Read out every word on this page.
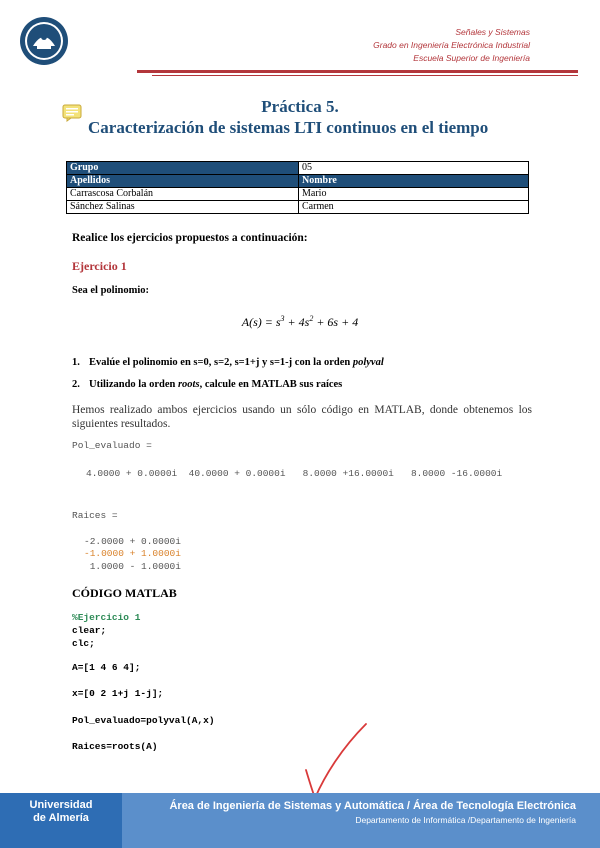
Señales y Sistemas
Grado en Ingeniería Electrónica Industrial
Escuela Superior de Ingeniería
Práctica 5.
Caracterización de sistemas LTI continuos en el tiempo
Grupo	05
Apellidos	Nombre
Carrascosa Corbalán	Mario
Sánchez Salinas	Carmen
Realice los ejercicios propuestos a continuación:
Ejercicio 1
Sea el polinomio:
$A(s) = s^3 + 4s^2 + 6s + 4$
1. Evalúe el polinomio en s=0, s=2, s=1+j y s=1-j con la orden polyval
2. Utilizando la orden roots, calcule en MATLAB sus raíces
Hemos realizado ambos ejercicios usando un sólo código en MATLAB, donde obtenemos los siguientes resultados.
Pol_evaluado =
4.0000 + 0.0000i  40.0000 + 0.0000i   8.0000 +16.0000i   8.0000 -16.0000i
Raices =
-2.0000 + 0.0000i
-1.0000 + 1.0000i
1.0000 - 1.0000i
CÓDIGO MATLAB
%Ejercicio 1
clear;
clc;
A=[1 4 6 4];
x=[0 2 1+j 1-j];
Pol_evaluado=polyval(A,x)
Raices=roots(A)
Universidad
de Almería
Área de Ingeniería de Sistemas y Automática / Área de Tecnología Electrónica
Departamento de Informática /Departamento de Ingeniería
